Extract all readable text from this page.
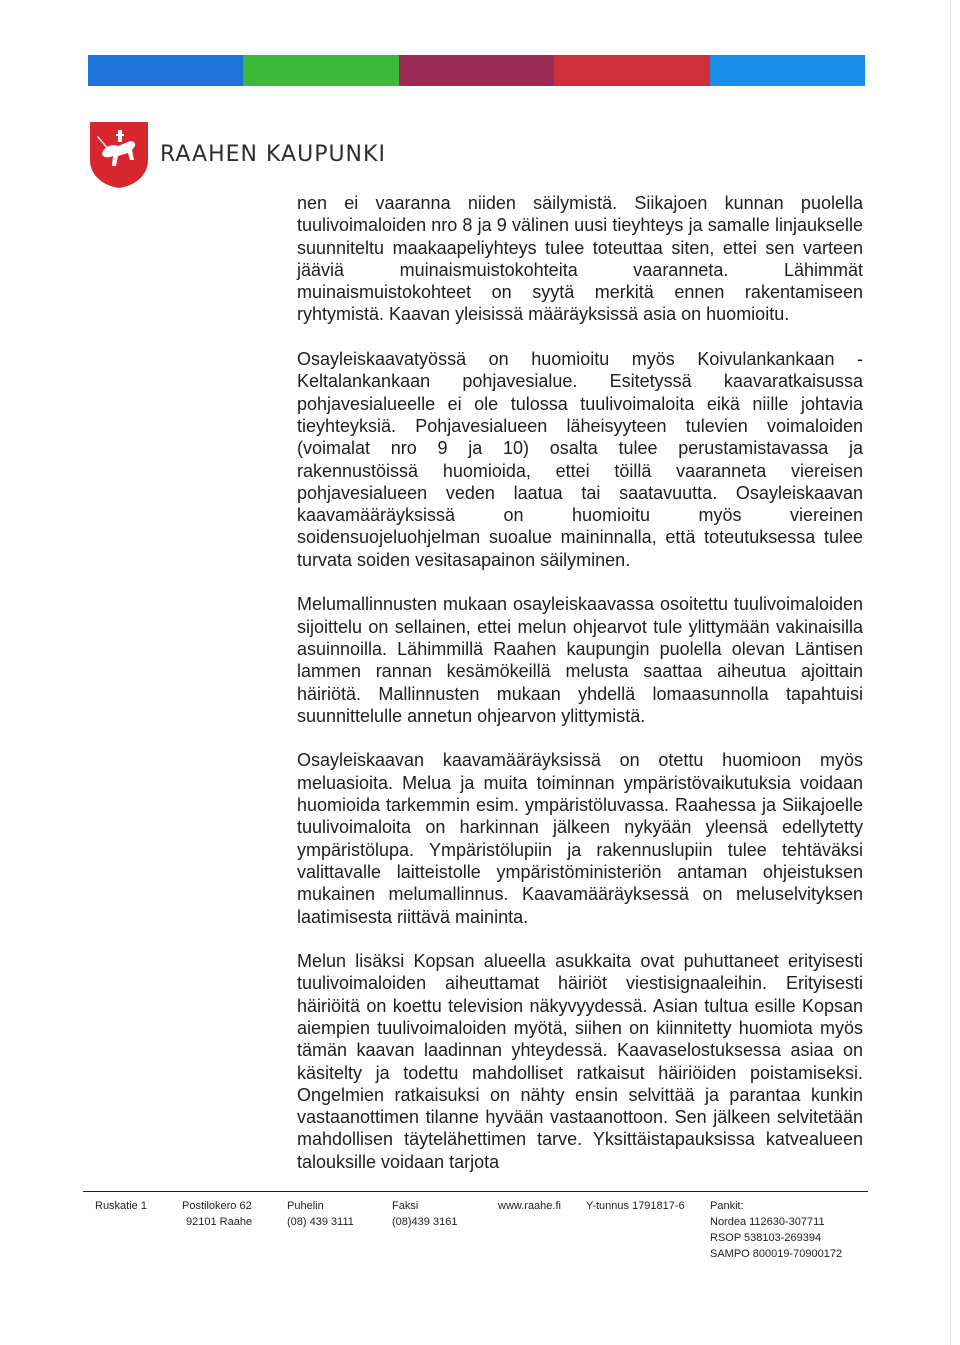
RAAHEN KAUPUNKI

nen ei vaaranna niiden säilymistä. Siikajoen kunnan puolella tuulivoimaloiden nro 8 ja 9 välinen uusi tieyhteys ja samalle linjaukselle suunniteltu maakaapeliyhteys tulee toteuttaa siten, ettei sen varteen jääviä muinaismuistokohteita vaaranneta. Lähimmät muinaismuistokohteet on syytä merkitä ennen rakentamiseen ryhtymistä. Kaavan yleisissä määräyksissä asia on huomioitu.

Osayleiskaavatyössä on huomioitu myös Koivulankankaan - Keltalankankaan pohjavesialue. Esitetyssä kaavaratkaisussa pohjavesialueelle ei ole tulossa tuulivoimaloita eikä niille johtavia tieyhteyksiä. Pohjavesialueen läheisyyteen tulevien voimaloiden (voimalat nro 9 ja 10) osalta tulee perustamistavassa ja rakennustöissä huomioida, ettei töillä vaaranneta viereisen pohjavesialueen veden laatua tai saatavuutta. Osayleiskaavan kaavamääräyksissä on huomioitu myös viereinen soidensuojeluohjelman suoalue maininnalla, että toteutuksessa tulee turvata soiden vesitasapainon säilyminen.

Melumallinnusten mukaan osayleiskaavassa osoitettu tuulivoimaloiden sijoittelu on sellainen, ettei melun ohjearvot tule ylittymään vakinaisilla asuinnoilla. Lähimmillä Raahen kaupungin puolella olevan Läntisen lammen rannan kesämökeillä melusta saattaa aiheutua ajoittain häiriötä. Mallinnusten mukaan yhdellä lomaasunnolla tapahtuisi suunnittelulle annetun ohjearvon ylittymistä.

Osayleiskaavan kaavamääräyksissä on otettu huomioon myös meluasioita. Melua ja muita toiminnan ympäristövaikutuksia voidaan huomioida tarkemmin esim. ympäristöluvassa. Raahessa ja Siikajoelle tuulivoimaloita on harkinnan jälkeen nykyään yleensä edellytetty ympäristölupa. Ympäristölupiin ja rakennuslupiin tulee tehtäväksi valittavalle laitteistolle ympäristöministeriön antaman ohjeistuksen mukainen melumallinnus. Kaavamääräyksessä on meluselvityksen laatimisesta riittävä maininta.

Melun lisäksi Kopsan alueella asukkaita ovat puhuttaneet erityisesti tuulivoimaloiden aiheuttamat häiriöt viestisignaaleihin. Erityisesti häiriöitä on koettu television näkyvyydessä. Asian tultua esille Kopsan aiempien tuulivoimaloiden myötä, siihen on kiinnitetty huomiota myös tämän kaavan laadinnan yhteydessä. Kaavaselostuksessa asiaa on käsitelty ja todettu mahdolliset ratkaisut häiriöiden poistamiseksi. Ongelmien ratkaisuksi on nähty ensin selvittää ja parantaa kunkin vastaanottimen tilanne hyvään vastaanottoon. Sen jälkeen selvitetään mahdollisen täytelähettimen tarve. Yksittäistapauksissa katvealueen talouksille voidaan tarjota

Ruskatie 1	Postilokero 62
92101 Raahe
Puhelin
(08) 439 3111
Faksi
(08)439 3161
www.raahe.fi Y-tunnus 1791817-6 Pankit:
Nordea 112630-307711
RSOP 538103-269394
SAMPO 800019-70900172
